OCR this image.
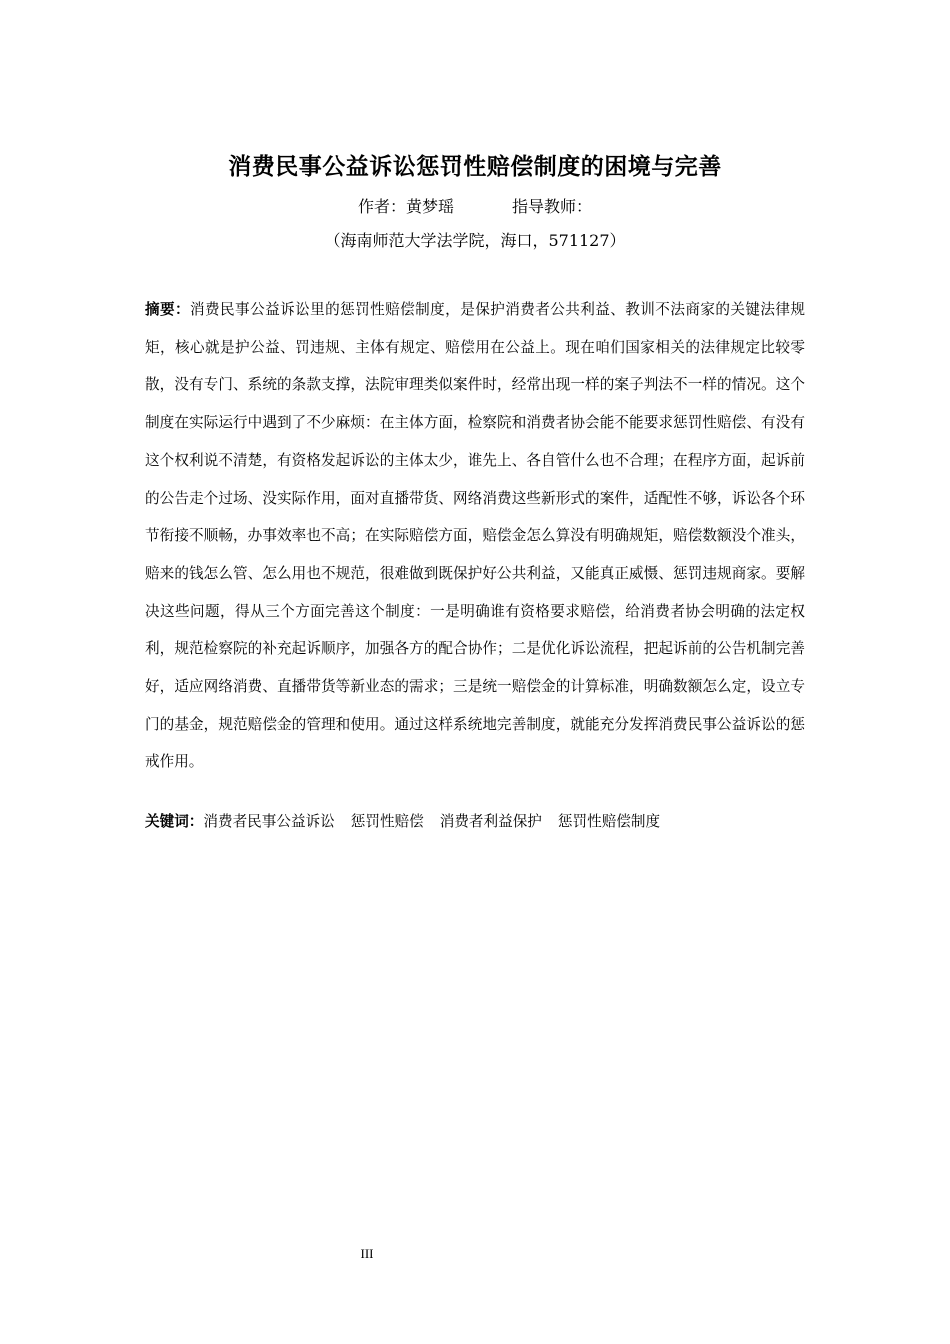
消费民事公益诉讼惩罚性赔偿制度的困境与完善
作者：黄梦瑶	指导教师：
（海南师范大学法学院，海口，571127）
摘要：消费民事公益诉讼里的惩罚性赔偿制度，是保护消费者公共利益、教训不法商家的关键法律规矩，核心就是护公益、罚违规、主体有规定、赔偿用在公益上。现在咱们国家相关的法律规定比较零散，没有专门、系统的条款支撑，法院审理类似案件时，经常出现一样的案子判法不一样的情况。这个制度在实际运行中遇到了不少麻烦：在主体方面，检察院和消费者协会能不能要求惩罚性赔偿、有没有这个权利说不清楚，有资格发起诉讼的主体太少，谁先上、各自管什么也不合理；在程序方面，起诉前的公告走个过场、没实际作用，面对直播带货、网络消费这些新形式的案件，适配性不够，诉讼各个环节衔接不顺畅，办事效率也不高；在实际赔偿方面，赔偿金怎么算没有明确规矩，赔偿数额没个准头，赔来的钱怎么管、怎么用也不规范，很难做到既保护好公共利益，又能真正威慑、惩罚违规商家。要解决这些问题，得从三个方面完善这个制度：一是明确谁有资格要求赔偿，给消费者协会明确的法定权利，规范检察院的补充起诉顺序，加强各方的配合协作；二是优化诉讼流程，把起诉前的公告机制完善好，适应网络消费、直播带货等新业态的需求；三是统一赔偿金的计算标准，明确数额怎么定，设立专门的基金，规范赔偿金的管理和使用。通过这样系统地完善制度，就能充分发挥消费民事公益诉讼的惩戒作用。
关键词：消费者民事公益诉讼 惩罚性赔偿 消费者利益保护 惩罚性赔偿制度
III
